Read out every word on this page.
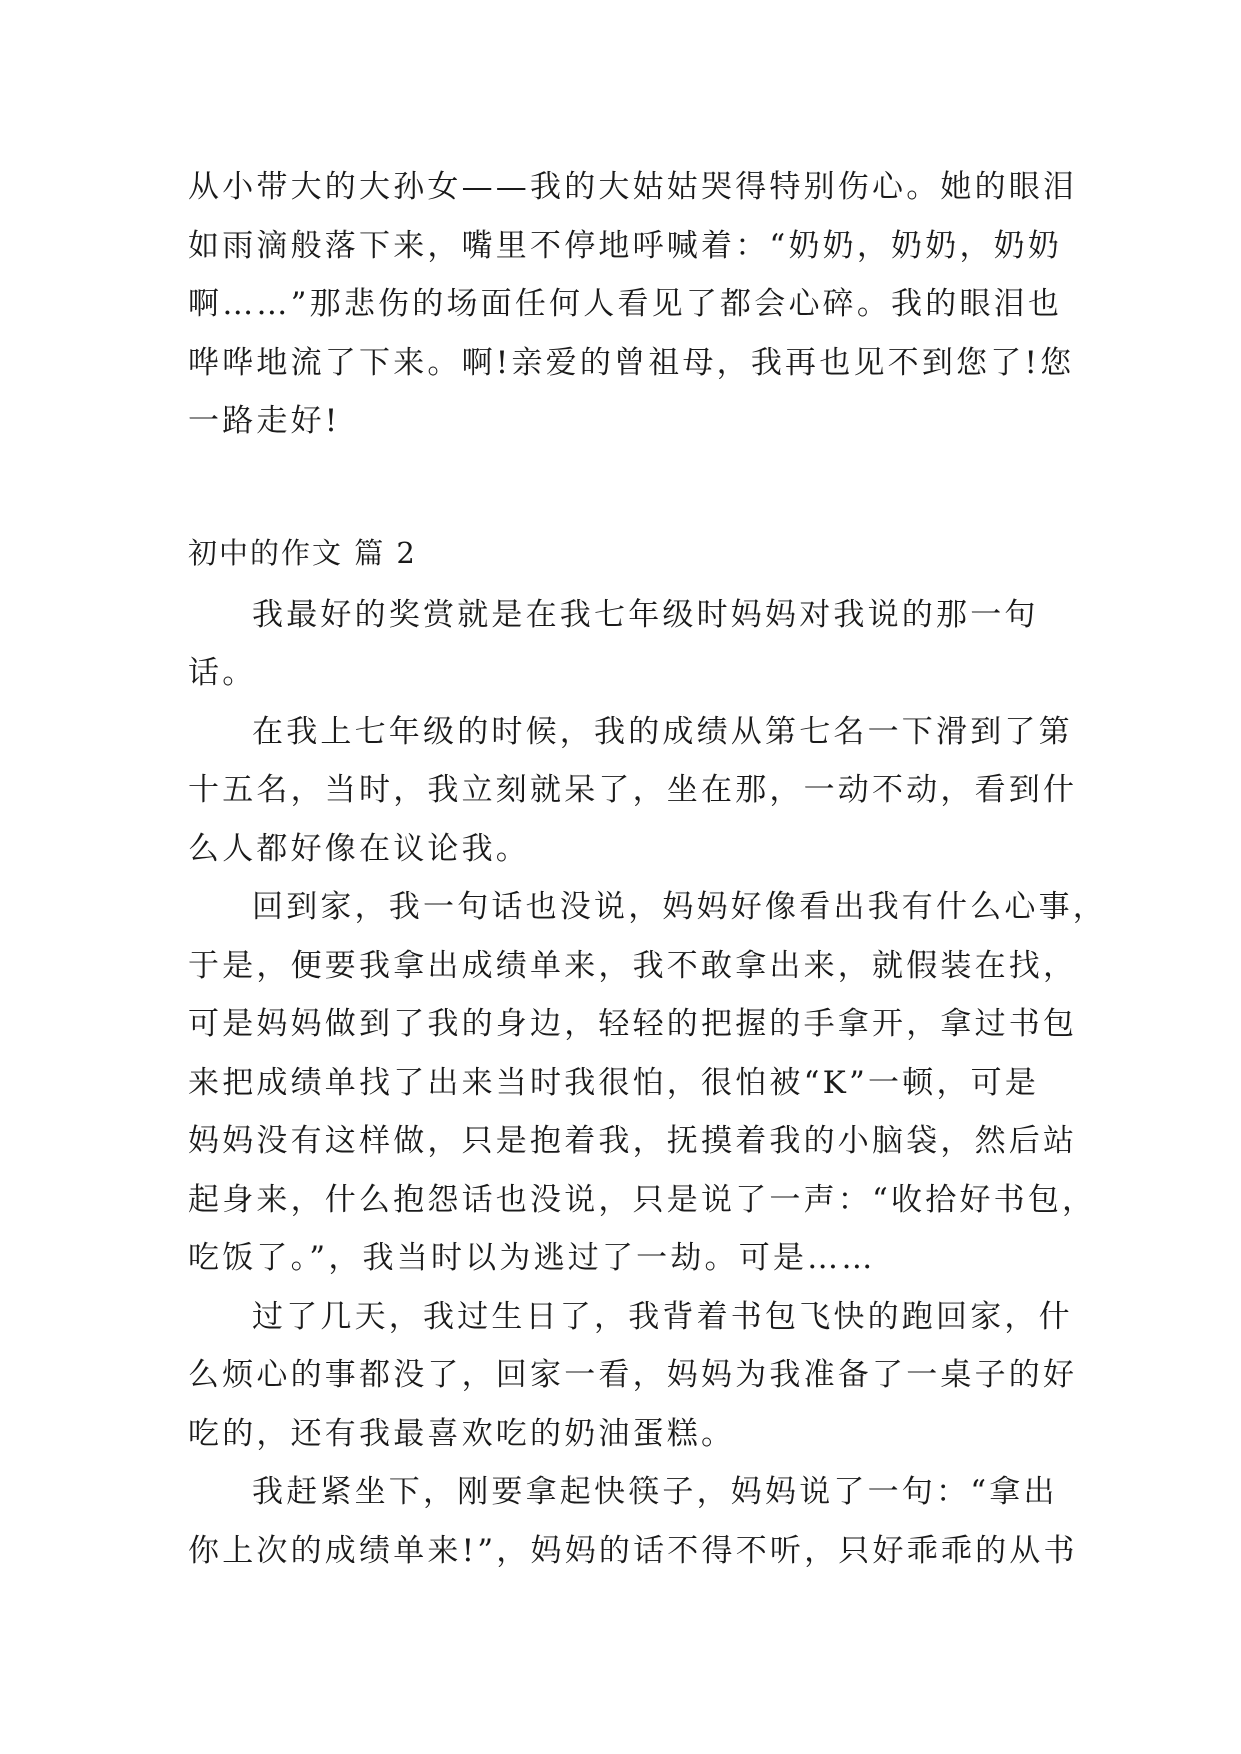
从小带大的大孙女——我的大姑姑哭得特别伤心。她的眼泪
如雨滴般落下来，嘴里不停地呼喊着：“奶奶，奶奶，奶奶
啊……”那悲伤的场面任何人看见了都会心碎。我的眼泪也
哗哗地流了下来。啊!亲爱的曾祖母，我再也见不到您了!您
一路走好!
初中的作文 篇 2
我最好的奖赏就是在我七年级时妈妈对我说的那一句
话。
在我上七年级的时候，我的成绩从第七名一下滑到了第
十五名，当时，我立刻就呆了，坐在那，一动不动，看到什
么人都好像在议论我。
回到家，我一句话也没说，妈妈好像看出我有什么心事，
于是，便要我拿出成绩单来，我不敢拿出来，就假装在找，
可是妈妈做到了我的身边，轻轻的把握的手拿开，拿过书包
来把成绩单找了出来当时我很怕，很怕被“K”一顿，可是
妈妈没有这样做，只是抱着我，抚摸着我的小脑袋，然后站
起身来，什么抱怨话也没说，只是说了一声：“收拾好书包，
吃饭了。”，我当时以为逃过了一劫。可是……
过了几天，我过生日了，我背着书包飞快的跑回家，什
么烦心的事都没了，回家一看，妈妈为我准备了一桌子的好
吃的，还有我最喜欢吃的奶油蛋糕。
我赶紧坐下，刚要拿起快筷子，妈妈说了一句：“拿出
你上次的成绩单来!”，妈妈的话不得不听，只好乖乖的从书
